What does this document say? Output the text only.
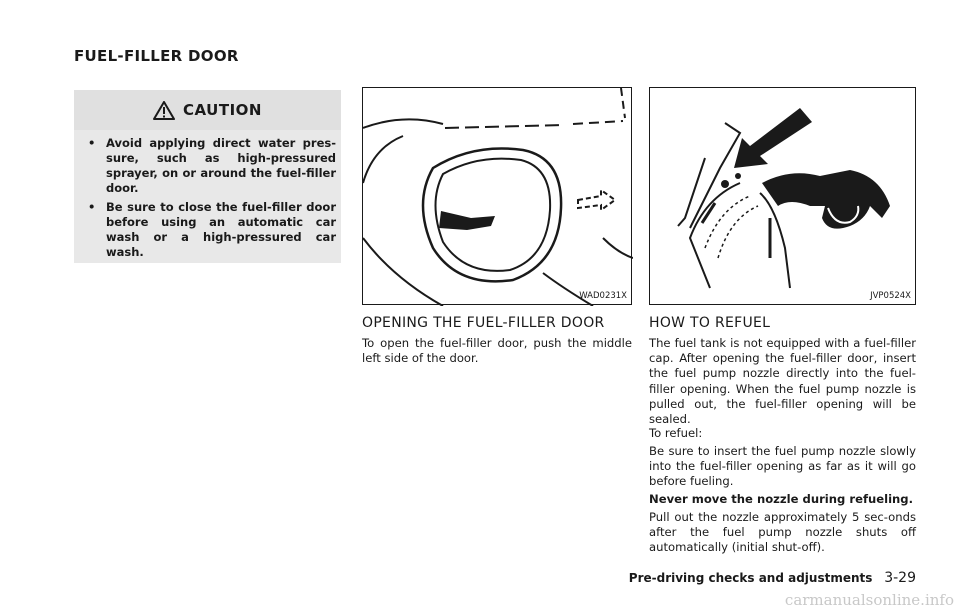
FUEL-FILLER DOOR
CAUTION
• Avoid applying direct water pres-sure, such as high-pressured sprayer, on or around the fuel-filler door.
• Be sure to close the fuel-filler door before using an automatic car wash or a high-pressured car wash.
WAD0231X	JVP0524X
OPENING THE FUEL-FILLER DOOR

To open the fuel-filler door, push the middle left side of the door.

HOW TO REFUEL

The fuel tank is not equipped with a fuel-filler cap. After opening the fuel-filler door, insert the fuel pump nozzle directly into the fuel-filler opening. When the fuel pump nozzle is pulled out, the fuel-filler opening will be sealed.

To refuel:

Be sure to insert the fuel pump nozzle slowly into the fuel-filler opening as far as it will go before fueling.

Never move the nozzle during refueling.

Pull out the nozzle approximately 5 sec-onds after the fuel pump nozzle shuts off automatically (initial shut-off).

Pre-driving checks and adjustments 3-29
carmanualsonline.info
